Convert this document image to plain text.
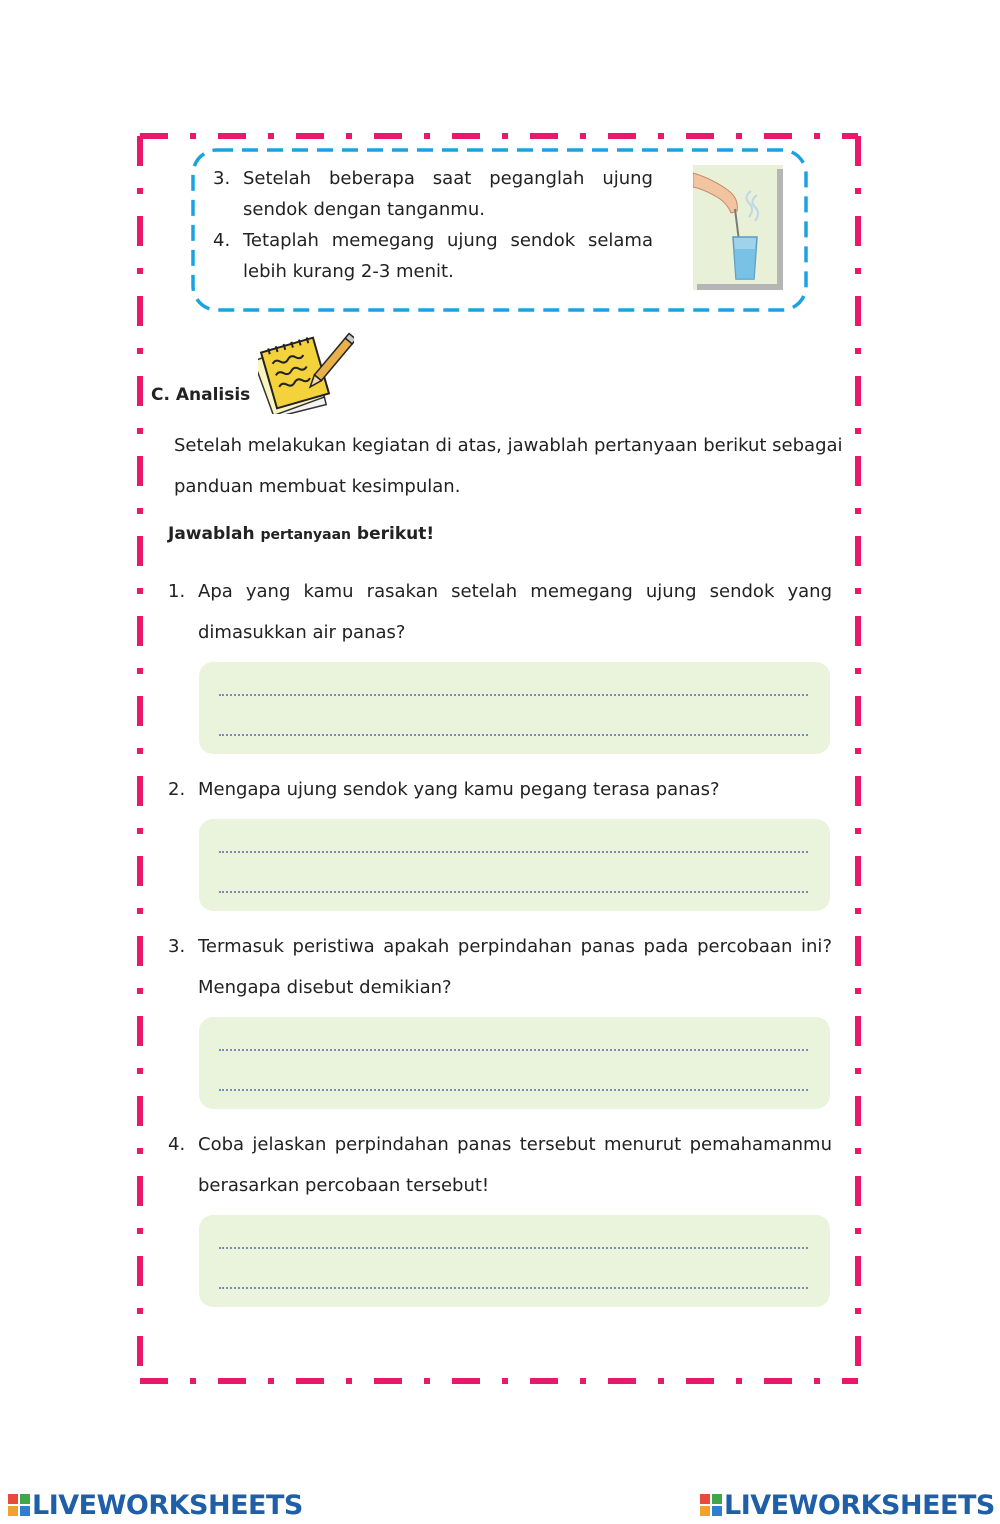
3. Setelah beberapa saat peganglah ujung sendok dengan tanganmu.
4. Tetaplah memegang ujung sendok selama lebih kurang 2-3 menit.
C. Analisis
Setelah melakukan kegiatan di atas, jawablah pertanyaan berikut sebagai panduan membuat kesimpulan.
Jawablah pertanyaan berikut!
1. Apa yang kamu rasakan setelah memegang ujung sendok yang dimasukkan air panas?
2. Mengapa ujung sendok yang kamu pegang terasa panas?
3. Termasuk peristiwa apakah perpindahan panas pada percobaan ini? Mengapa disebut demikian?
4. Coba jelaskan perpindahan panas tersebut menurut pemahamanmu berasarkan percobaan tersebut!
LIVEWORKSHEETS	LIVEWORKSHEETS
